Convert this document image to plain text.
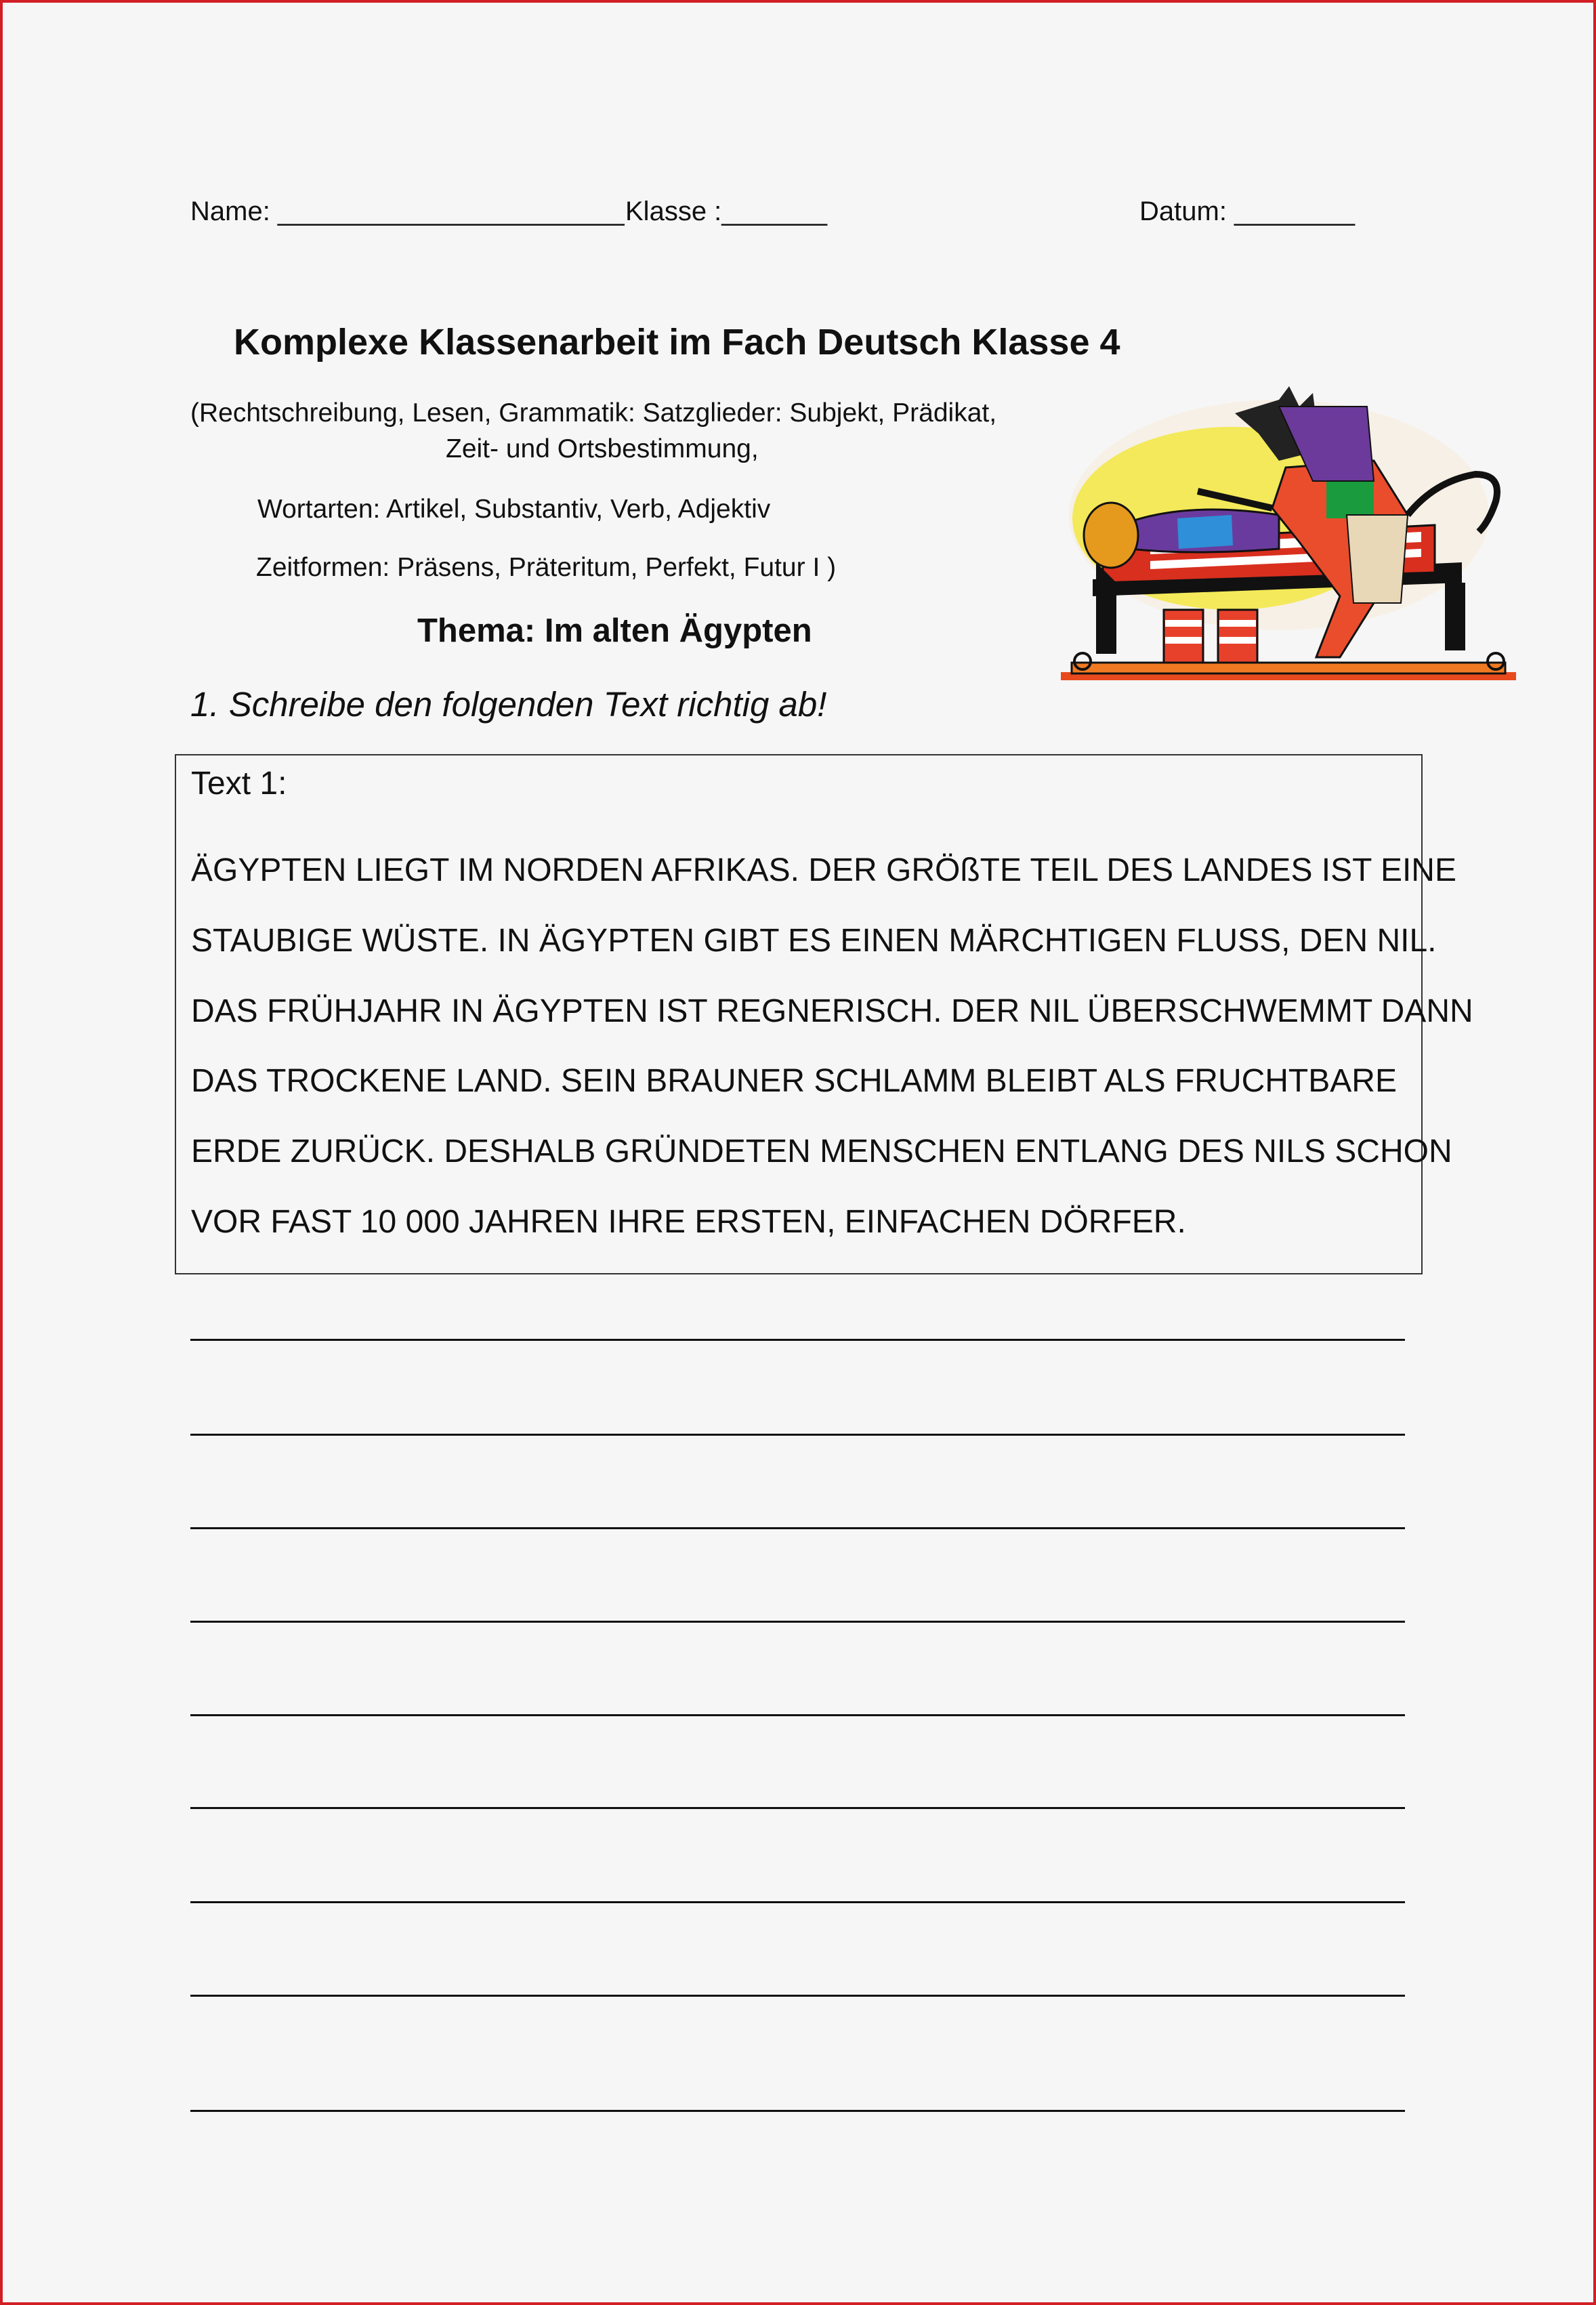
Name: _______________________ Klasse :_______	Datum: ________
Komplexe Klassenarbeit im Fach Deutsch Klasse 4
(Rechtschreibung, Lesen, Grammatik: Satzglieder: Subjekt, Prädikat,
Zeit- und Ortsbestimmung,
Wortarten: Artikel, Substantiv, Verb, Adjektiv
Zeitformen: Präsens, Präteritum, Perfekt, Futur I )
Thema: Im alten Ägypten
1. Schreibe den folgenden Text richtig ab!
Text 1:
ÄGYPTEN LIEGT IM NORDEN AFRIKAS. DER GRÖßTE TEIL DES LANDES IST EINE
STAUBIGE WÜSTE. IN ÄGYPTEN GIBT ES EINEN MÄRCHTIGEN FLUSS, DEN NIL.
DAS FRÜHJAHR IN ÄGYPTEN IST REGNERISCH. DER NIL ÜBERSCHWEMMT DANN
DAS TROCKENE LAND. SEIN BRAUNER SCHLAMM BLEIBT ALS FRUCHTBARE
ERDE ZURÜCK. DESHALB GRÜNDETEN MENSCHEN ENTLANG DES NILS SCHON
VOR FAST 10 000 JAHREN IHRE ERSTEN, EINFACHEN DÖRFER.
